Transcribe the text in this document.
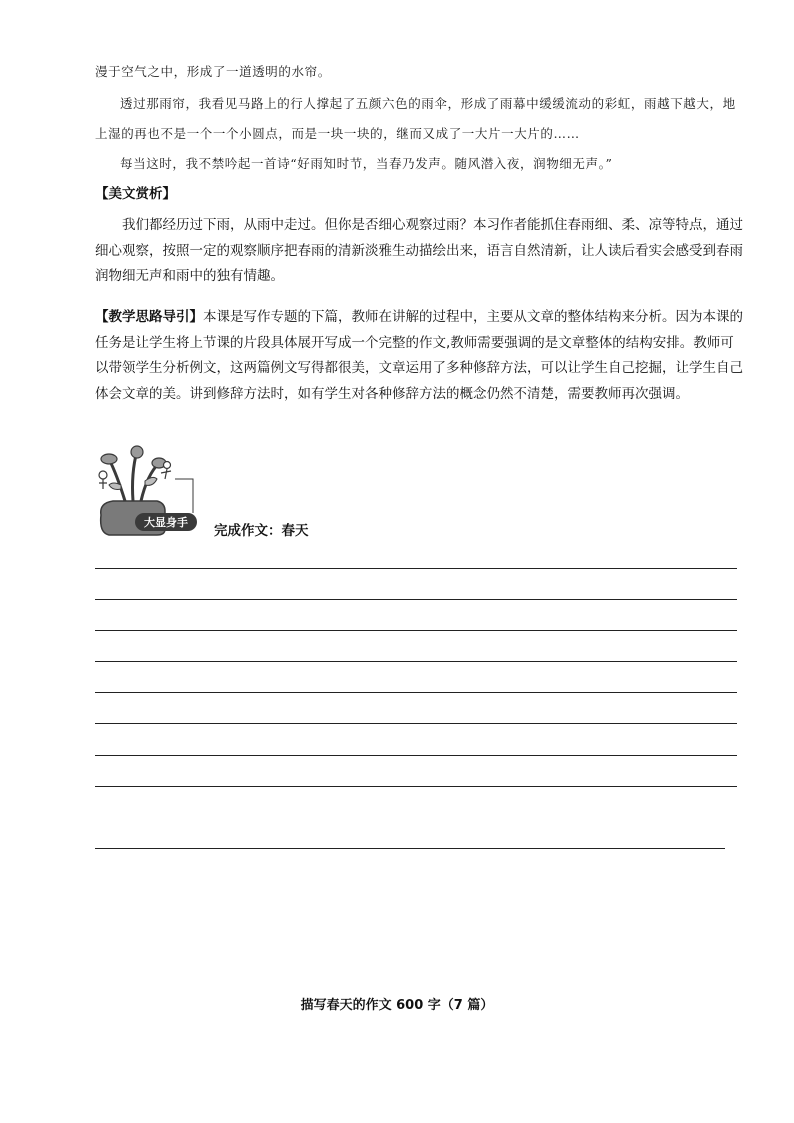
漫于空气之中，形成了一道透明的水帘。

透过那雨帘，我看见马路上的行人撑起了五颜六色的雨伞，形成了雨幕中缓缓流动的彩虹，雨越下越大，地上湿的再也不是一个一个小圆点，而是一块一块的，继而又成了一大片一大片的……

每当这时，我不禁吟起一首诗“好雨知时节，当春乃发声。随风潜入夜，润物细无声。”

【美文赏析】
我们都经历过下雨，从雨中走过。但你是否细心观察过雨？本习作者能抓住春雨细、柔、凉等特点，通过细心观察，按照一定的观察顺序把春雨的清新淡雅生动描绘出来，语言自然清新，让人读后看实会感受到春雨润物细无声和雨中的独有情趣。
【教学思路导引】本课是写作专题的下篇，教师在讲解的过程中，主要从文章的整体结构来分析。因为本课的任务是让学生将上节课的片段具体展开写成一个完整的作文,教师需要强调的是文章整体的结构安排。教师可以带领学生分析例文，这两篇例文写得都很美，文章运用了多种修辞方法，可以让学生自己挖掘，让学生自己体会文章的美。讲到修辞方法时，如有学生对各种修辞方法的概念仍然不清楚，需要教师再次强调。
大显身手
完成作文：春天
描写春天的作文 600 字（7 篇）
